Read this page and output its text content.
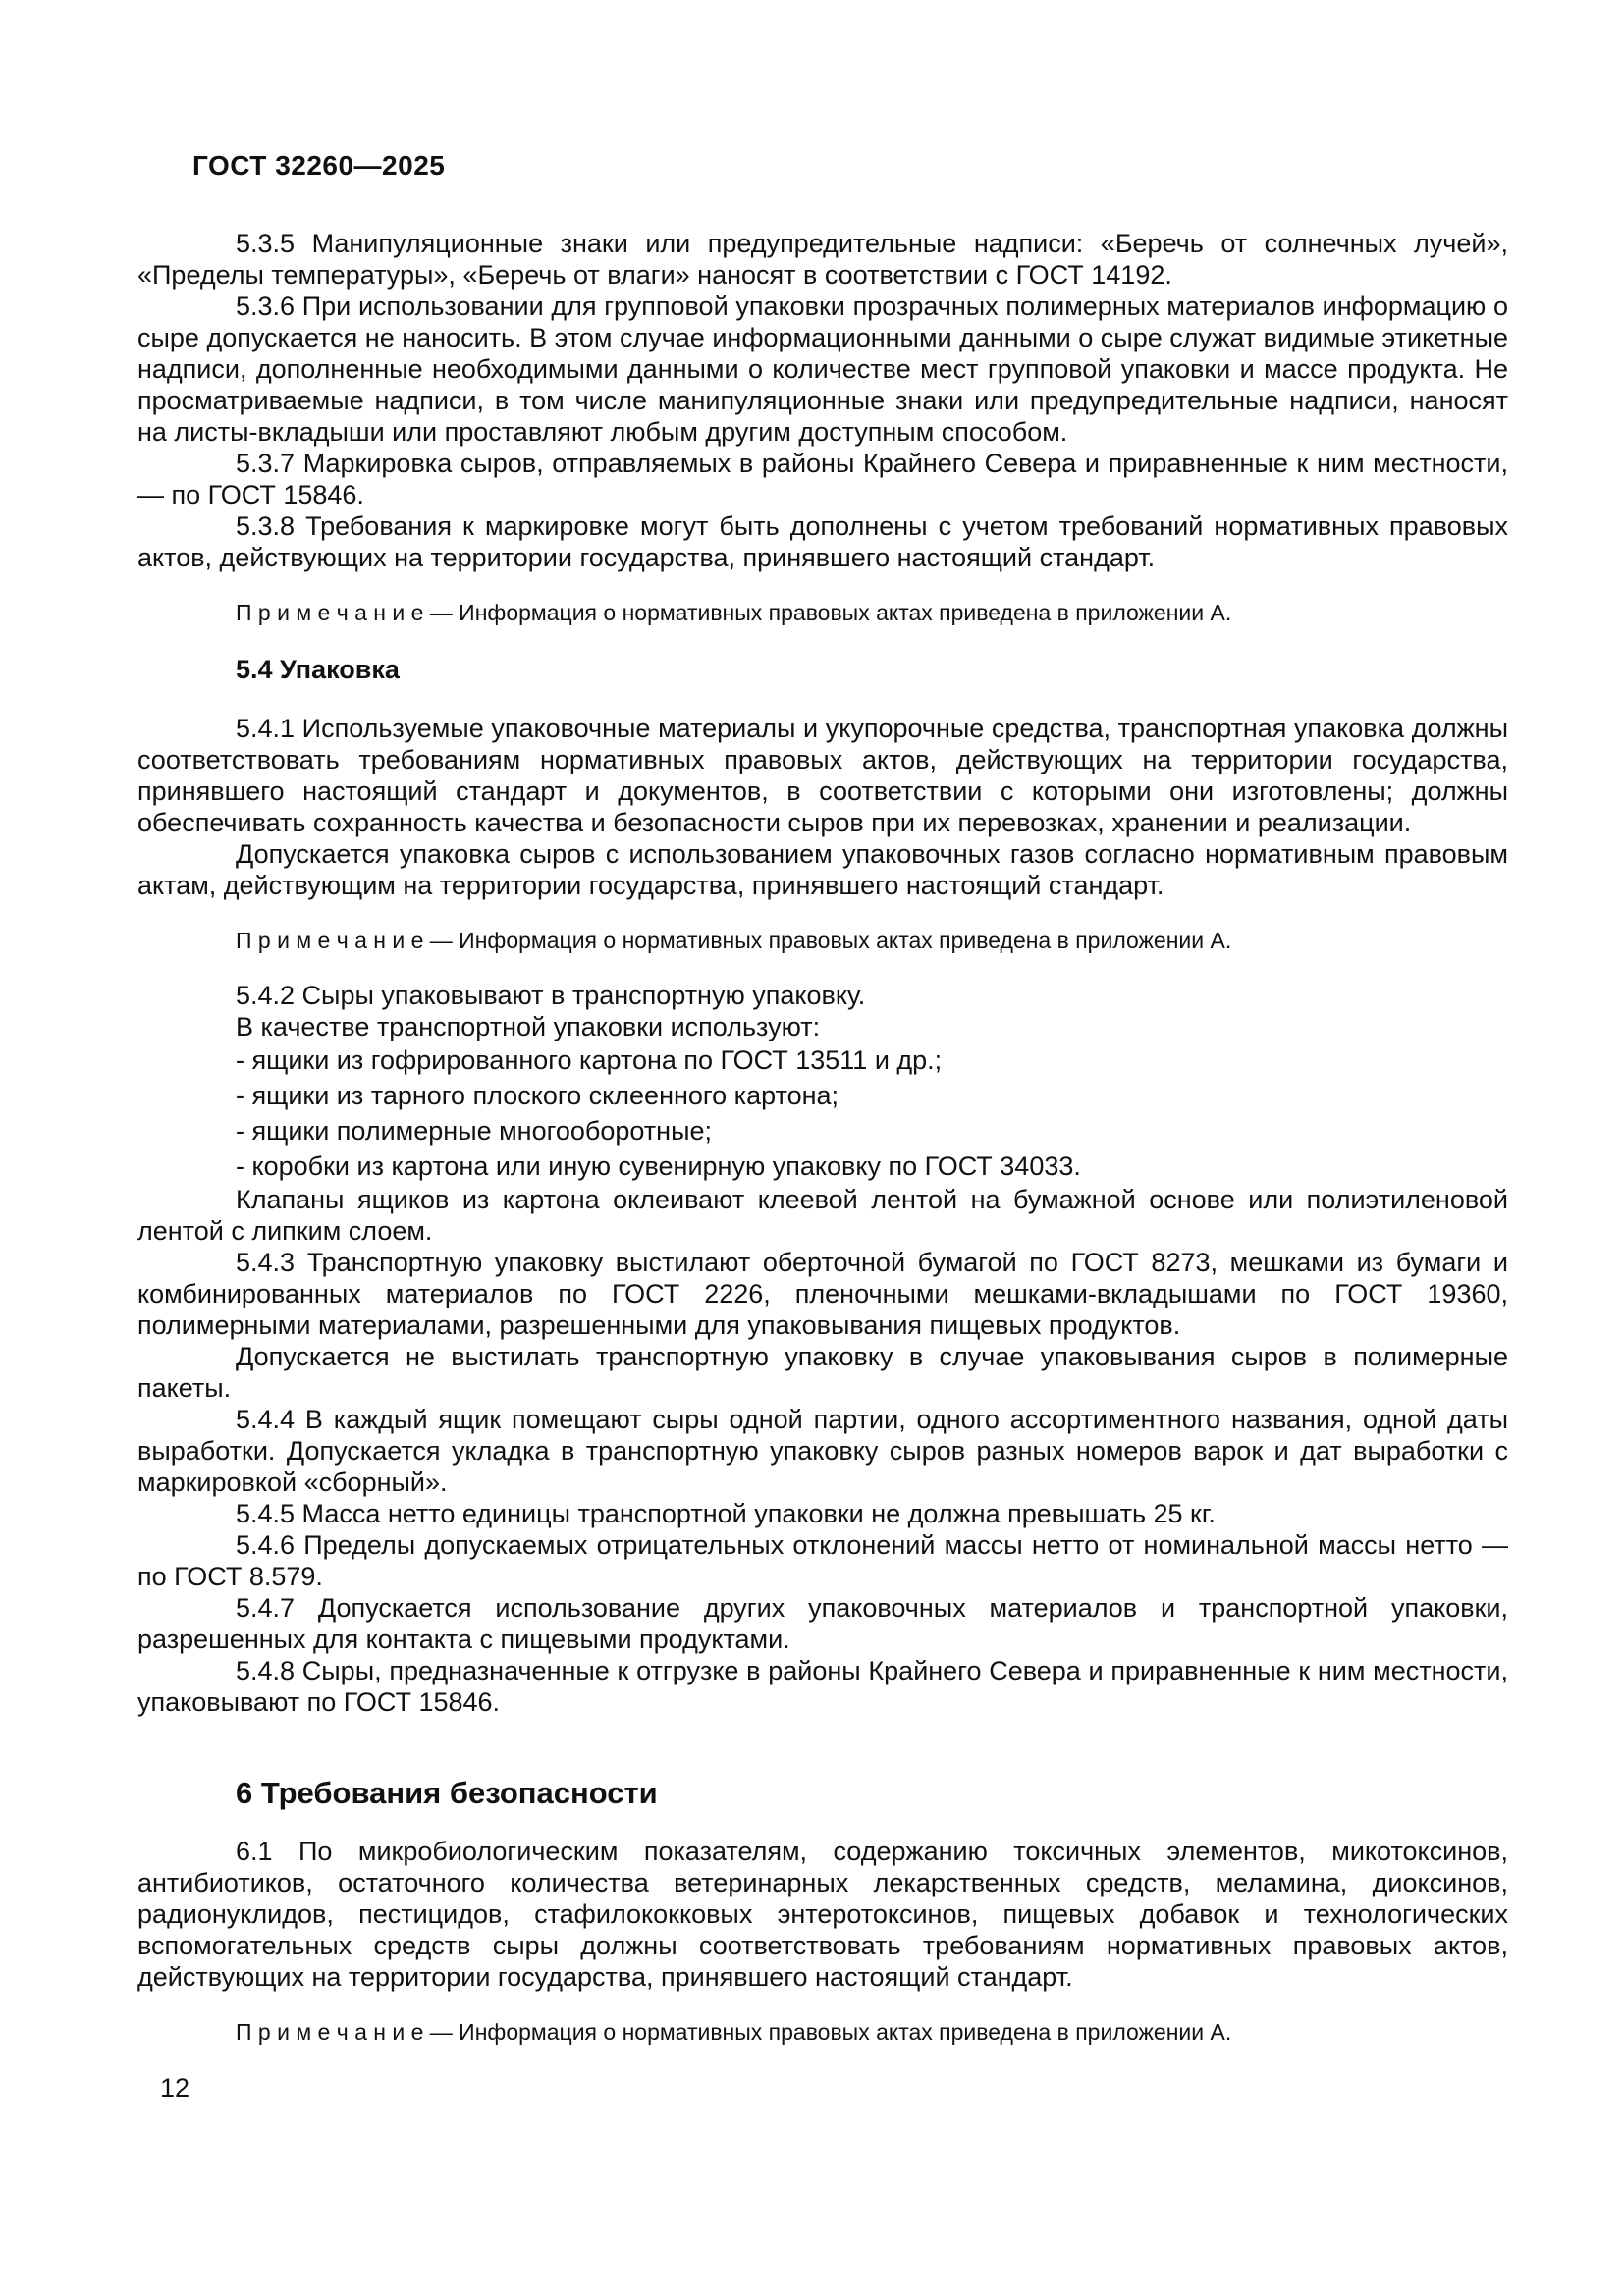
ГОСТ 32260—2025
5.3.5 Манипуляционные знаки или предупредительные надписи: «Беречь от солнечных лучей», «Пределы температуры», «Беречь от влаги» наносят в соответствии с ГОСТ 14192.
5.3.6 При использовании для групповой упаковки прозрачных полимерных материалов информацию о сыре допускается не наносить. В этом случае информационными данными о сыре служат видимые этикетные надписи, дополненные необходимыми данными о количестве мест групповой упаковки и массе продукта. Не просматриваемые надписи, в том числе манипуляционные знаки или предупредительные надписи, наносят на листы-вкладыши или проставляют любым другим доступным способом.
5.3.7 Маркировка сыров, отправляемых в районы Крайнего Севера и приравненные к ним местности, — по ГОСТ 15846.
5.3.8 Требования к маркировке могут быть дополнены с учетом требований нормативных правовых актов, действующих на территории государства, принявшего настоящий стандарт.
П р и м е ч а н и е — Информация о нормативных правовых актах приведена в приложении А.
5.4 Упаковка
5.4.1 Используемые упаковочные материалы и укупорочные средства, транспортная упаковка должны соответствовать требованиям нормативных правовых актов, действующих на территории государства, принявшего настоящий стандарт и документов, в соответствии с которыми они изготовлены; должны обеспечивать сохранность качества и безопасности сыров при их перевозках, хранении и реализации.
Допускается упаковка сыров с использованием упаковочных газов согласно нормативным правовым актам, действующим на территории государства, принявшего настоящий стандарт.
П р и м е ч а н и е — Информация о нормативных правовых актах приведена в приложении А.
5.4.2 Сыры упаковывают в транспортную упаковку.
В качестве транспортной упаковки используют:
- ящики из гофрированного картона по ГОСТ 13511 и др.;
- ящики из тарного плоского склеенного картона;
- ящики полимерные многооборотные;
- коробки из картона или иную сувенирную упаковку по ГОСТ 34033.
Клапаны ящиков из картона оклеивают клеевой лентой на бумажной основе или полиэтиленовой лентой с липким слоем.
5.4.3 Транспортную упаковку выстилают оберточной бумагой по ГОСТ 8273, мешками из бумаги и комбинированных материалов по ГОСТ 2226, пленочными мешками-вкладышами по ГОСТ 19360, полимерными материалами, разрешенными для упаковывания пищевых продуктов.
Допускается не выстилать транспортную упаковку в случае упаковывания сыров в полимерные пакеты.
5.4.4 В каждый ящик помещают сыры одной партии, одного ассортиментного названия, одной даты выработки. Допускается укладка в транспортную упаковку сыров разных номеров варок и дат выработки с маркировкой «сборный».
5.4.5 Масса нетто единицы транспортной упаковки не должна превышать 25 кг.
5.4.6 Пределы допускаемых отрицательных отклонений массы нетто от номинальной массы нетто — по ГОСТ 8.579.
5.4.7 Допускается использование других упаковочных материалов и транспортной упаковки, разрешенных для контакта с пищевыми продуктами.
5.4.8 Сыры, предназначенные к отгрузке в районы Крайнего Севера и приравненные к ним местности, упаковывают по ГОСТ 15846.
6 Требования безопасности
6.1 По микробиологическим показателям, содержанию токсичных элементов, микотоксинов, антибиотиков, остаточного количества ветеринарных лекарственных средств, меламина, диоксинов, радионуклидов, пестицидов, стафилококковых энтеротоксинов, пищевых добавок и технологических вспомогательных средств сыры должны соответствовать требованиям нормативных правовых актов, действующих на территории государства, принявшего настоящий стандарт.
П р и м е ч а н и е — Информация о нормативных правовых актах приведена в приложении А.
12
